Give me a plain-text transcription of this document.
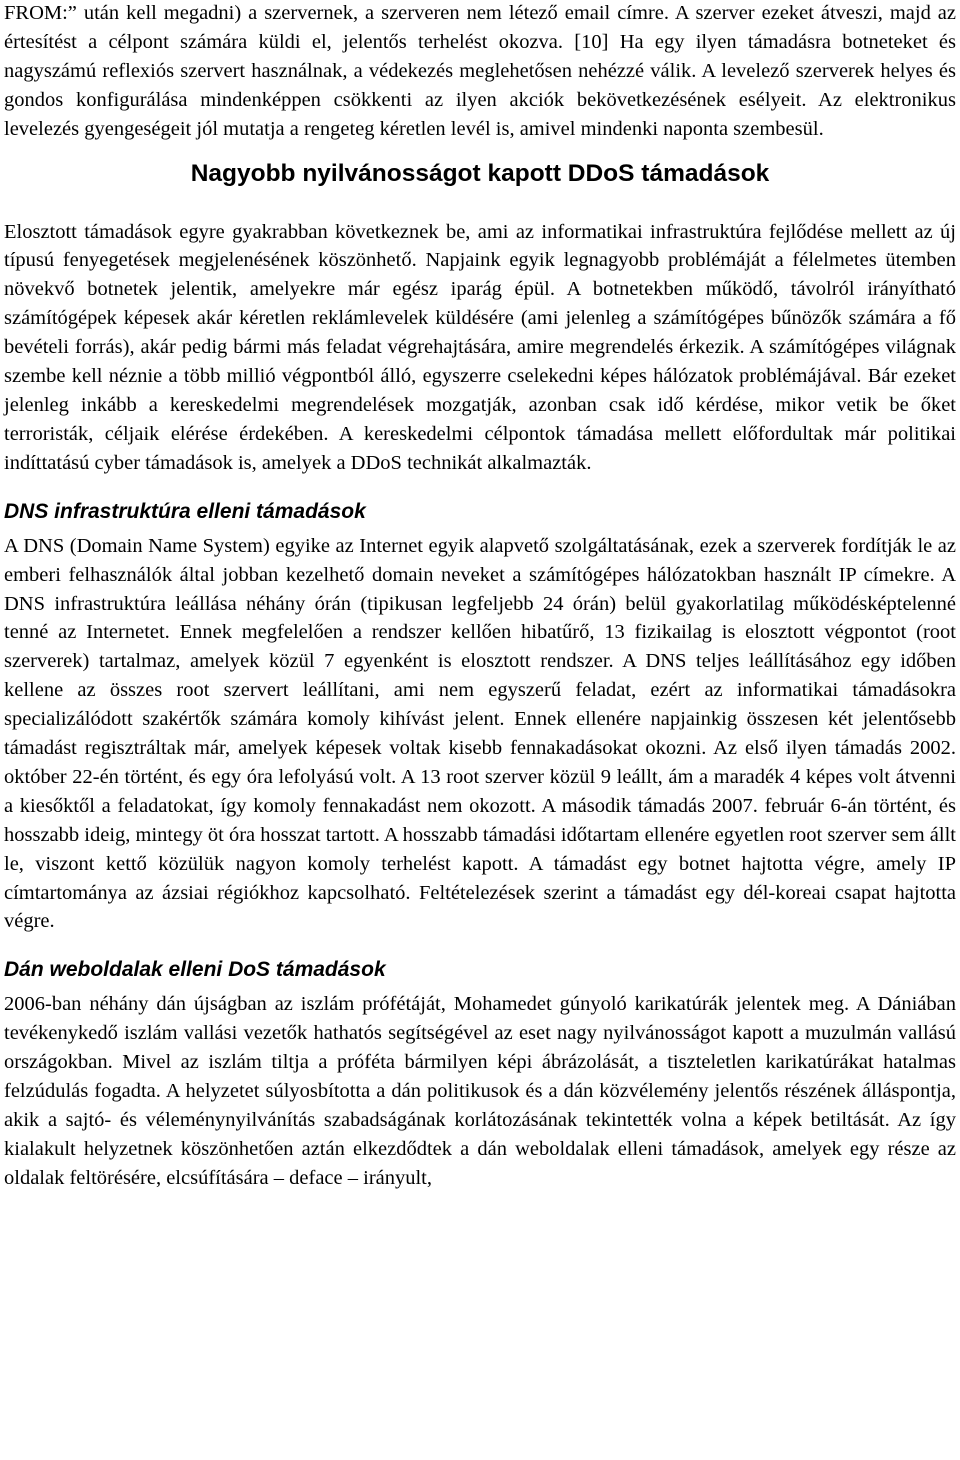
FROM:” után kell megadni) a szervernek, a szerveren nem létező email címre. A szerver ezeket átveszi, majd az értesítést a célpont számára küldi el, jelentős terhelést okozva. [10] Ha egy ilyen támadásra botneteket és nagyszámú reflexiós szervert használnak, a védekezés meglehetősen nehézzé válik. A levelező szerverek helyes és gondos konfigurálása mindenképpen csökkenti az ilyen akciók bekövetkezésének esélyeit. Az elektronikus levelezés gyengeségeit jól mutatja a rengeteg kéretlen levél is, amivel mindenki naponta szembesül.

Nagyobb nyilvánosságot kapott DDoS támadások

Elosztott támadások egyre gyakrabban következnek be, ami az informatikai infrastruktúra fejlődése mellett az új típusú fenyegetések megjelenésének köszönhető. Napjaink egyik legnagyobb problémáját a félelmetes ütemben növekvő botnetek jelentik, amelyekre már egész iparág épül. A botnetekben működő, távolról irányítható számítógépek képesek akár kéretlen reklámlevelek küldésére (ami jelenleg a számítógépes bűnözők számára a fő bevételi forrás), akár pedig bármi más feladat végrehajtására, amire megrendelés érkezik. A számítógépes világnak szembe kell néznie a több millió végpontból álló, egyszerre cselekedni képes hálózatok problémájával. Bár ezeket jelenleg inkább a kereskedelmi megrendelések mozgatják, azonban csak idő kérdése, mikor vetik be őket terroristák, céljaik elérése érdekében. A kereskedelmi célpontok támadása mellett előfordultak már politikai indíttatású cyber támadások is, amelyek a DDoS technikát alkalmazták.

DNS infrastruktúra elleni támadások

A DNS (Domain Name System) egyike az Internet egyik alapvető szolgáltatásának, ezek a szerverek fordítják le az emberi felhasználók által jobban kezelhető domain neveket a számítógépes hálózatokban használt IP címekre. A DNS infrastruktúra leállása néhány órán (tipikusan legfeljebb 24 órán) belül gyakorlatilag működésképtelenné tenné az Internetet. Ennek megfelelően a rendszer kellően hibatűrő, 13 fizikailag is elosztott végpontot (root szerverek) tartalmaz, amelyek közül 7 egyenként is elosztott rendszer. A DNS teljes leállításához egy időben kellene az összes root szervert leállítani, ami nem egyszerű feladat, ezért az informatikai támadásokra specializálódott szakértők számára komoly kihívást jelent. Ennek ellenére napjainkig összesen két jelentősebb támadást regisztráltak már, amelyek képesek voltak kisebb fennakadásokat okozni. Az első ilyen támadás 2002. október 22-én történt, és egy óra lefolyású volt. A 13 root szerver közül 9 leállt, ám a maradék 4 képes volt átvenni a kiesőktől a feladatokat, így komoly fennakadást nem okozott. A második támadás 2007. február 6-án történt, és hosszabb ideig, mintegy öt óra hosszat tartott. A hosszabb támadási időtartam ellenére egyetlen root szerver sem állt le, viszont kettő közülük nagyon komoly terhelést kapott. A támadást egy botnet hajtotta végre, amely IP címtartománya az ázsiai régiókhoz kapcsolható. Feltételezések szerint a támadást egy dél-koreai csapat hajtotta végre.

Dán weboldalak elleni DoS támadások

2006-ban néhány dán újságban az iszlám prófétáját, Mohamedet gúnyoló karikatúrák jelentek meg. A Dániában tevékenykedő iszlám vallási vezetők hathatós segítségével az eset nagy nyilvánosságot kapott a muzulmán vallású országokban. Mivel az iszlám tiltja a próféta bármilyen képi ábrázolását, a tiszteletlen karikatúrákat hatalmas felzúdulás fogadta. A helyzetet súlyosbította a dán politikusok és a dán közvélemény jelentős részének álláspontja, akik a sajtó- és véleménynyilvánítás szabadságának korlátozásának tekintették volna a képek betiltását. Az így kialakult helyzetnek köszönhetően aztán elkezdődtek a dán weboldalak elleni támadások, amelyek egy része az oldalak feltörésére, elcsúfítására – deface – irányult,
